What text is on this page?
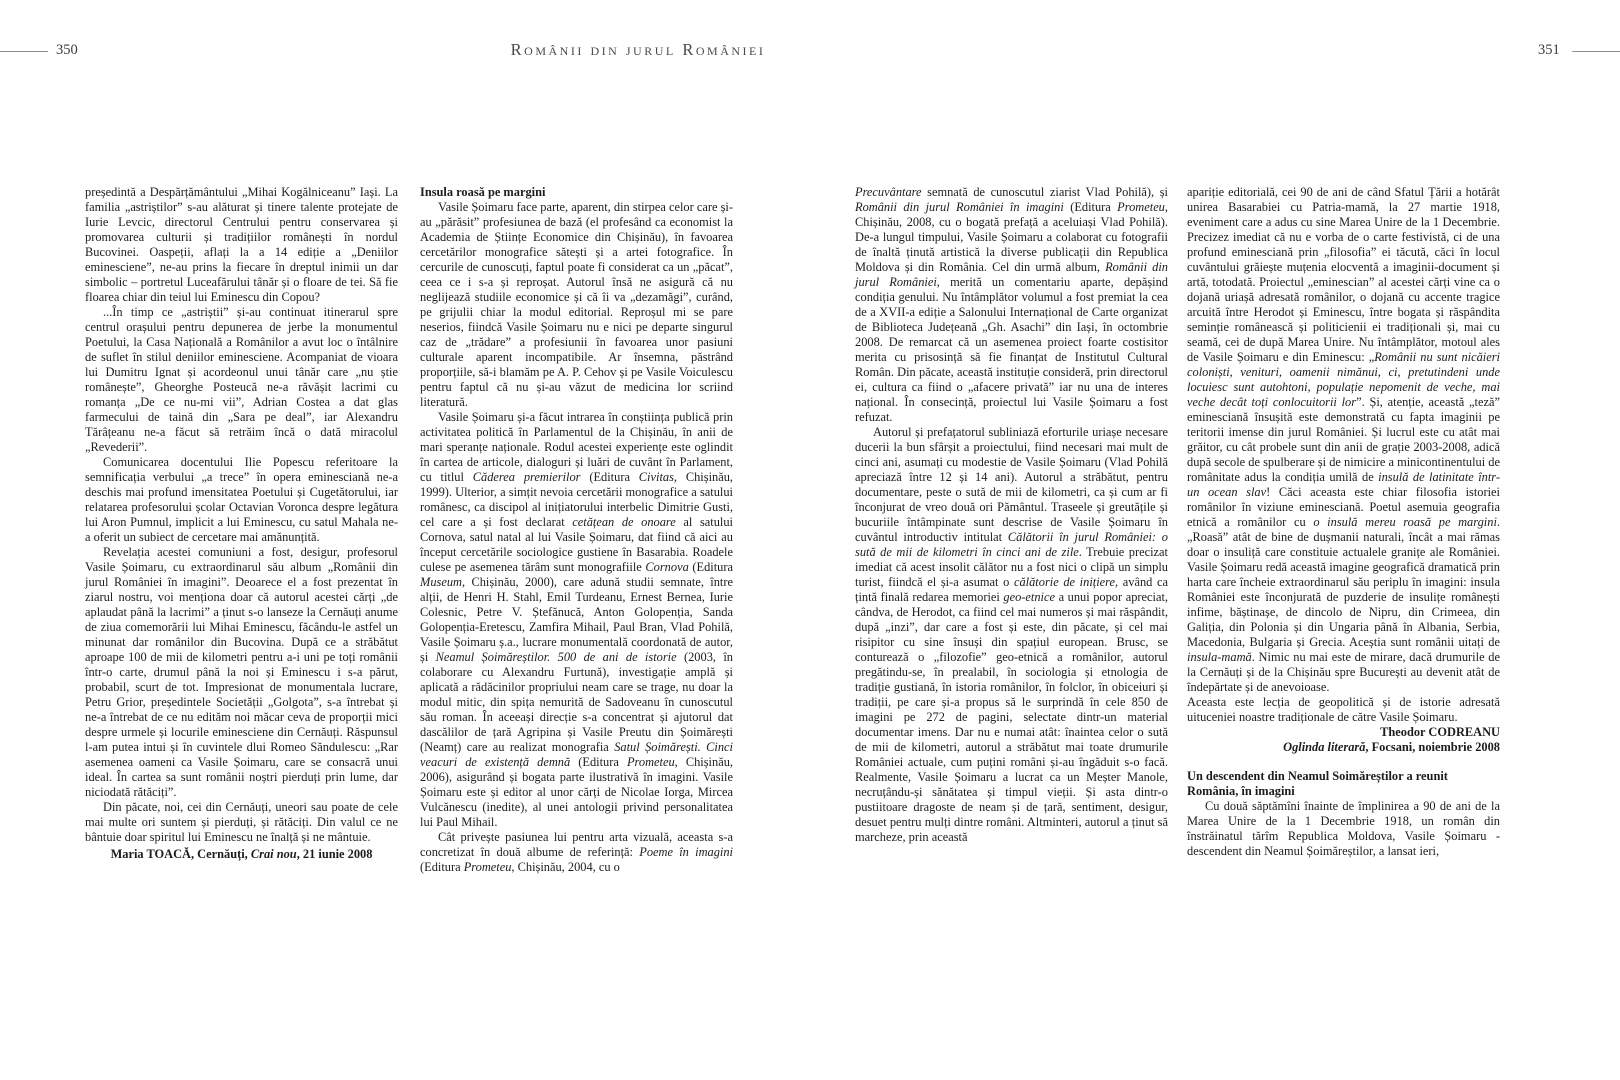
350	Românii din jurul României	351

președintă a Despărțământului „Mihai Kogălniceanu” Iași. La familia „astriștilor” s-au alăturat și tinere talente protejate de Iurie Levcic, directorul Centrului pentru conservarea și promovarea culturii și tradițiilor românești în nordul Bucovinei. Oaspeții, aflați la a 14 ediție a „Deniilor eminesciene”, ne-au prins la fiecare în dreptul inimii un dar simbolic – portretul Luceafărului tânăr și o floare de tei. Să fie floarea chiar din teiul lui Eminescu din Copou?

...În timp ce „astriștii” și-au continuat itinerarul spre centrul orașului pentru depunerea de jerbe la monumentul Poetului, la Casa Națională a Românilor a avut loc o întâlnire de suflet în stilul deniilor eminesciene. Acompaniat de vioara lui Dumitru Ignat și acordeonul unui tânăr care „nu știe românește”, Gheorghe Posteucă ne-a răvășit lacrimi cu romanța „De ce nu-mi vii”, Adrian Costea a dat glas farmecului de taină din „Sara pe deal”, iar Alexandru Tărâțeanu ne-a făcut să retrăim încă o dată miracolul „Revederii”.

Comunicarea docentului Ilie Popescu referitoare la semnificația verbului „a trece” în opera eminesciană ne-a deschis mai profund imensitatea Poetului și Cugetătorului, iar relatarea profesorului școlar Octavian Voronca despre legătura lui Aron Pumnul, implicit a lui Eminescu, cu satul Mahala ne-a oferit un subiect de cercetare mai amănunțită.

Revelația acestei comuniuni a fost, desigur, profesorul Vasile Șoimaru, cu extraordinarul său album „Românii din jurul României în imagini”. Deoarece el a fost prezentat în ziarul nostru, voi menționa doar că autorul acestei cărți „de aplaudat până la lacrimi” a ținut s-o lanseze la Cernăuți anume de ziua comemorării lui Mihai Eminescu, făcându-le astfel un minunat dar românilor din Bucovina. După ce a străbătut aproape 100 de mii de kilometri pentru a-i uni pe toți românii într-o carte, drumul până la noi și Eminescu i s-a părut, probabil, scurt de tot. Impresionat de monumentala lucrare, Petru Grior, președintele Societății „Golgota”, s-a întrebat și ne-a întrebat de ce nu edităm noi măcar ceva de proporții mici despre urmele și locurile eminesciene din Cernăuți. Răspunsul l-am putea intui și în cuvintele dlui Romeo Săndulescu: „Rar asemenea oameni ca Vasile Șoimaru, care se consacră unui ideal. În cartea sa sunt românii noștri pierduți prin lume, dar niciodată rătăciți”.

Din păcate, noi, cei din Cernăuți, uneori sau poate de cele mai multe ori suntem și pierduți, și rătăciți. Din valul ce ne bântuie doar spiritul lui Eminescu ne înalță și ne mântuie.

Maria TOACĂ, Cernăuți, Crai nou, 21 iunie 2008

Insula roasă pe margini

Vasile Șoimaru face parte, aparent, din stirpea celor care și-au „părăsit” profesiunea de bază (el profesând ca economist la Academia de Științe Economice din Chișinău), în favoarea cercetărilor monografice sătești și a artei fotografice. În cercurile de cunoscuți, faptul poate fi considerat ca un „păcat”, ceea ce i s-a și reproșat. Autorul însă ne asigură că nu neglijează studiile economice și că îi va „dezamăgi”, curând, pe grijulii chiar la modul editorial. Reproșul mi se pare neserios, fiindcă Vasile Șoimaru nu e nici pe departe singurul caz de „trădare” a profesiunii în favoarea unor pasiuni culturale aparent incompatibile. Ar însemna, păstrând proporțiile, să-i blamăm pe A. P. Cehov și pe Vasile Voiculescu pentru faptul că nu și-au văzut de medicina lor scriind literatură.

Vasile Șoimaru și-a făcut intrarea în conștiința publică prin activitatea politică în Parlamentul de la Chișinău, în anii de mari speranțe naționale. Rodul acestei experiențe este oglindit în cartea de articole, dialoguri și luări de cuvânt în Parlament, cu titlul Căderea premierilor (Editura Civitas, Chișinău, 1999). Ulterior, a simțit nevoia cercetării monografice a satului românesc, ca discipol al inițiatorului interbelic Dimitrie Gusti, cel care a și fost declarat cetățean de onoare al satului Cornova, satul natal al lui Vasile Șoimaru, dat fiind că aici au început cercetările sociologice gustiene în Basarabia. Roadele culese pe asemenea tărâm sunt monografiile Cornova (Editura Museum, Chișinău, 2000), care adună studii semnate, între alții, de Henri H. Stahl, Emil Turdeanu, Ernest Bernea, Iurie Colesnic, Petre V. Ștefănucă, Anton Golopenția, Sanda Golopenția-Eretescu, Zamfira Mihail, Paul Bran, Vlad Pohilă, Vasile Șoimaru ș.a., lucrare monumentală coordonată de autor, și Neamul Șoimăreștilor. 500 de ani de istorie (2003, în colaborare cu Alexandru Furtună), investigație amplă și aplicată a rădăcinilor propriului neam care se trage, nu doar la modul mitic, din spița nemurită de Sadoveanu în cunoscutul său roman. În aceeași direcție s-a concentrat și ajutorul dat dascălilor de țară Agripina și Vasile Preutu din Șoimărești (Neamț) care au realizat monografia Satul Șoimărești. Cinci veacuri de existență demnă (Editura Prometeu, Chișinău, 2006), asigurând și bogata parte ilustrativă în imagini. Vasile Șoimaru este și editor al unor cărți de Nicolae Iorga, Mircea Vulcănescu (inedite), al unei antologii privind personalitatea lui Paul Mihail.

Cât privește pasiunea lui pentru arta vizuală, aceasta s-a concretizat în două albume de referință: Poeme în imagini (Editura Prometeu, Chișinău, 2004, cu o

Precuvântare semnată de cunoscutul ziarist Vlad Pohilă), și Românii din jurul României în imagini (Editura Prometeu, Chișinău, 2008, cu o bogată prefață a aceluiași Vlad Pohilă). De-a lungul timpului, Vasile Șoimaru a colaborat cu fotografii de înaltă ținută artistică la diverse publicații din Republica Moldova și din România. Cel din urmă album, Românii din jurul României, merită un comentariu aparte, depășind condiția genului. Nu întâmplător volumul a fost premiat la cea de a XVII-a ediție a Salonului Internațional de Carte organizat de Biblioteca Județeană „Gh. Asachi” din Iași, în octombrie 2008. De remarcat că un asemenea proiect foarte costisitor merita cu prisosință să fie finanțat de Institutul Cultural Român. Din păcate, această instituție consideră, prin directorul ei, cultura ca fiind o „afacere privată” iar nu una de interes național. În consecință, proiectul lui Vasile Șoimaru a fost refuzat.

Autorul și prefațatorul subliniază eforturile uriașe necesare ducerii la bun sfârșit a proiectului, fiind necesari mai mult de cinci ani, asumați cu modestie de Vasile Șoimaru (Vlad Pohilă apreciază între 12 și 14 ani). Autorul a străbătut, pentru documentare, peste o sută de mii de kilometri, ca și cum ar fi înconjurat de vreo două ori Pământul. Traseele și greutățile și bucuriile întâmpinate sunt descrise de Vasile Șoimaru în cuvântul introductiv intitulat Călătorii în jurul României: o sută de mii de kilometri în cinci ani de zile. Trebuie precizat imediat că acest insolit călător nu a fost nici o clipă un simplu turist, fiindcă el și-a asumat o călătorie de inițiere, având ca țintă finală redarea memoriei geo-etnice a unui popor apreciat, cândva, de Herodot, ca fiind cel mai numeros și mai răspândit, după „inzi”, dar care a fost și este, din păcate, și cel mai risipitor cu sine însuși din spațiul european. Brusc, se conturează o „filozofie” geo-etnică a românilor, autorul pregătindu-se, în prealabil, în sociologia și etnologia de tradiție gustiană, în istoria românilor, în folclor, în obiceiuri și tradiții, pe care și-a propus să le surprindă în cele 850 de imagini pe 272 de pagini, selectate dintr-un material documentar imens. Dar nu e numai atât: înaintea celor o sută de mii de kilometri, autorul a străbătut mai toate drumurile României actuale, cum puțini români și-au îngăduit s-o facă. Realmente, Vasile Șoimaru a lucrat ca un Meșter Manole, necruțându-și sănătatea și timpul vieții. Și asta dintr-o pustiitoare dragoste de neam și de țară, sentiment, desigur, desuet pentru mulți dintre români. Altminteri, autorul a ținut să marcheze, prin această

apariție editorială, cei 90 de ani de când Sfatul Țării a hotărât unirea Basarabiei cu Patria-mamă, la 27 martie 1918, eveniment care a adus cu sine Marea Unire de la 1 Decembrie. Precizez imediat că nu e vorba de o carte festivistă, ci de una profund eminesciană prin „filosofia” ei tăcută, căci în locul cuvântului grăiește muțenia elocventă a imaginii-document și artă, totodată. Proiectul „eminescian” al acestei cărți vine ca o dojană uriașă adresată românilor, o dojană cu accente tragice arcuită între Herodot și Eminescu, între bogata și răspândita seminție românească și politicienii ei tradiționali și, mai cu seamă, cei de după Marea Unire. Nu întâmplător, motoul ales de Vasile Șoimaru e din Eminescu: „Românii nu sunt nicăieri coloniști, venituri, oamenii nimănui, ci, pretutindeni unde locuiesc sunt autohtoni, populație nepomenit de veche, mai veche decât toți conlocuitorii lor”. Și, atenție, această „teză” eminesciană însușită este demonstrată cu fapta imaginii pe teritorii imense din jurul României. Și lucrul este cu atât mai grăitor, cu cât probele sunt din anii de grație 2003-2008, adică după secole de spulberare și de nimicire a minicontinentului de românitate adus la condiția umilă de insulă de latinitate într-un ocean slav! Căci aceasta este chiar filosofia istoriei românilor în viziune eminesciană. Poetul asemuia geografia etnică a românilor cu o insulă mereu roasă pe margini. „Roasă” atât de bine de dușmanii naturali, încât a mai rămas doar o insuliță care constituie actualele granițe ale României. Vasile Șoimaru redă această imagine geografică dramatică prin harta care încheie extraordinarul său periplu în imagini: insula României este înconjurată de puzderie de insulițe românești infime, băștinașe, de dincolo de Nipru, din Crimeea, din Galiția, din Polonia și din Ungaria până în Albania, Serbia, Macedonia, Bulgaria și Grecia. Aceștia sunt românii uitați de insula-mamă. Nimic nu mai este de mirare, dacă drumurile de la Cernăuți și de la Chișinău spre București au devenit atât de îndepărtate și de anevoioase.

Aceasta este lecția de geopolitică și de istorie adresată uituceniei noastre tradiționale de către Vasile Șoimaru.

Theodor CODREANU

Oglinda literară, Focsani, noiembrie 2008

Un descendent din Neamul Soimăreștilor a reunit România, în imagini

Cu două săptămîni înainte de împlinirea a 90 de ani de la Marea Unire de la 1 Decembrie 1918, un român din înstrăinatul tărîm Republica Moldova, Vasile Șoimaru - descendent din Neamul Șoimăreștilor, a lansat ieri,
